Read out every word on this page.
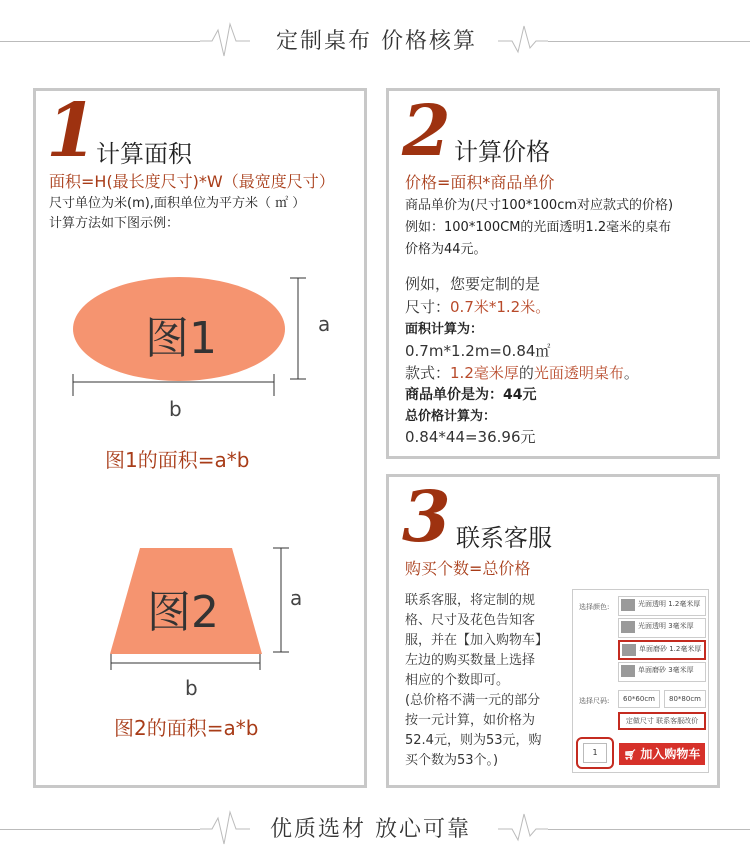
定制桌布 价格核算
1
计算面积
面积=H(最长度尺寸)*W（最宽度尺寸）
尺寸单位为米(m),面积单位为平方米（ ㎡ ）
计算方法如下图示例：
图1	a
b
图1的面积=a*b
图2	a
b
图2的面积=a*b
2 计算价格
价格=面积*商品单价
商品单价为(尺寸100*100cm对应款式的价格)
例如：100*100CM的光面透明1.2毫米的桌布
价格为44元。
例如，您要定制的是
尺寸：0.7米*1.2米。
面积计算为：
0.7m*1.2m=0.84㎡
款式：1.2毫米厚的光面透明桌布。
商品单价是为：44元
总价格计算为：
0.84*44=36.96元
3 联系客服
购买个数=总价格
联系客服，将定制的规
格、尺寸及花色告知客
服，并在【加入购物车】
左边的购买数量上选择
相应的个数即可。
(总价格不满一元的部分
按一元计算，如价格为
52.4元，则为53元，购
买个数为53个。)
选择颜色:	光面透明 1.2毫米厚
光面透明 3毫米厚
单面磨砂 1.2毫米厚
单面磨砂 3毫米厚
选择尺码:	60*60cm	80*80cm
定做尺寸 联系客服改价
1	🛒︎ 加入购物车
优质选材 放心可靠
